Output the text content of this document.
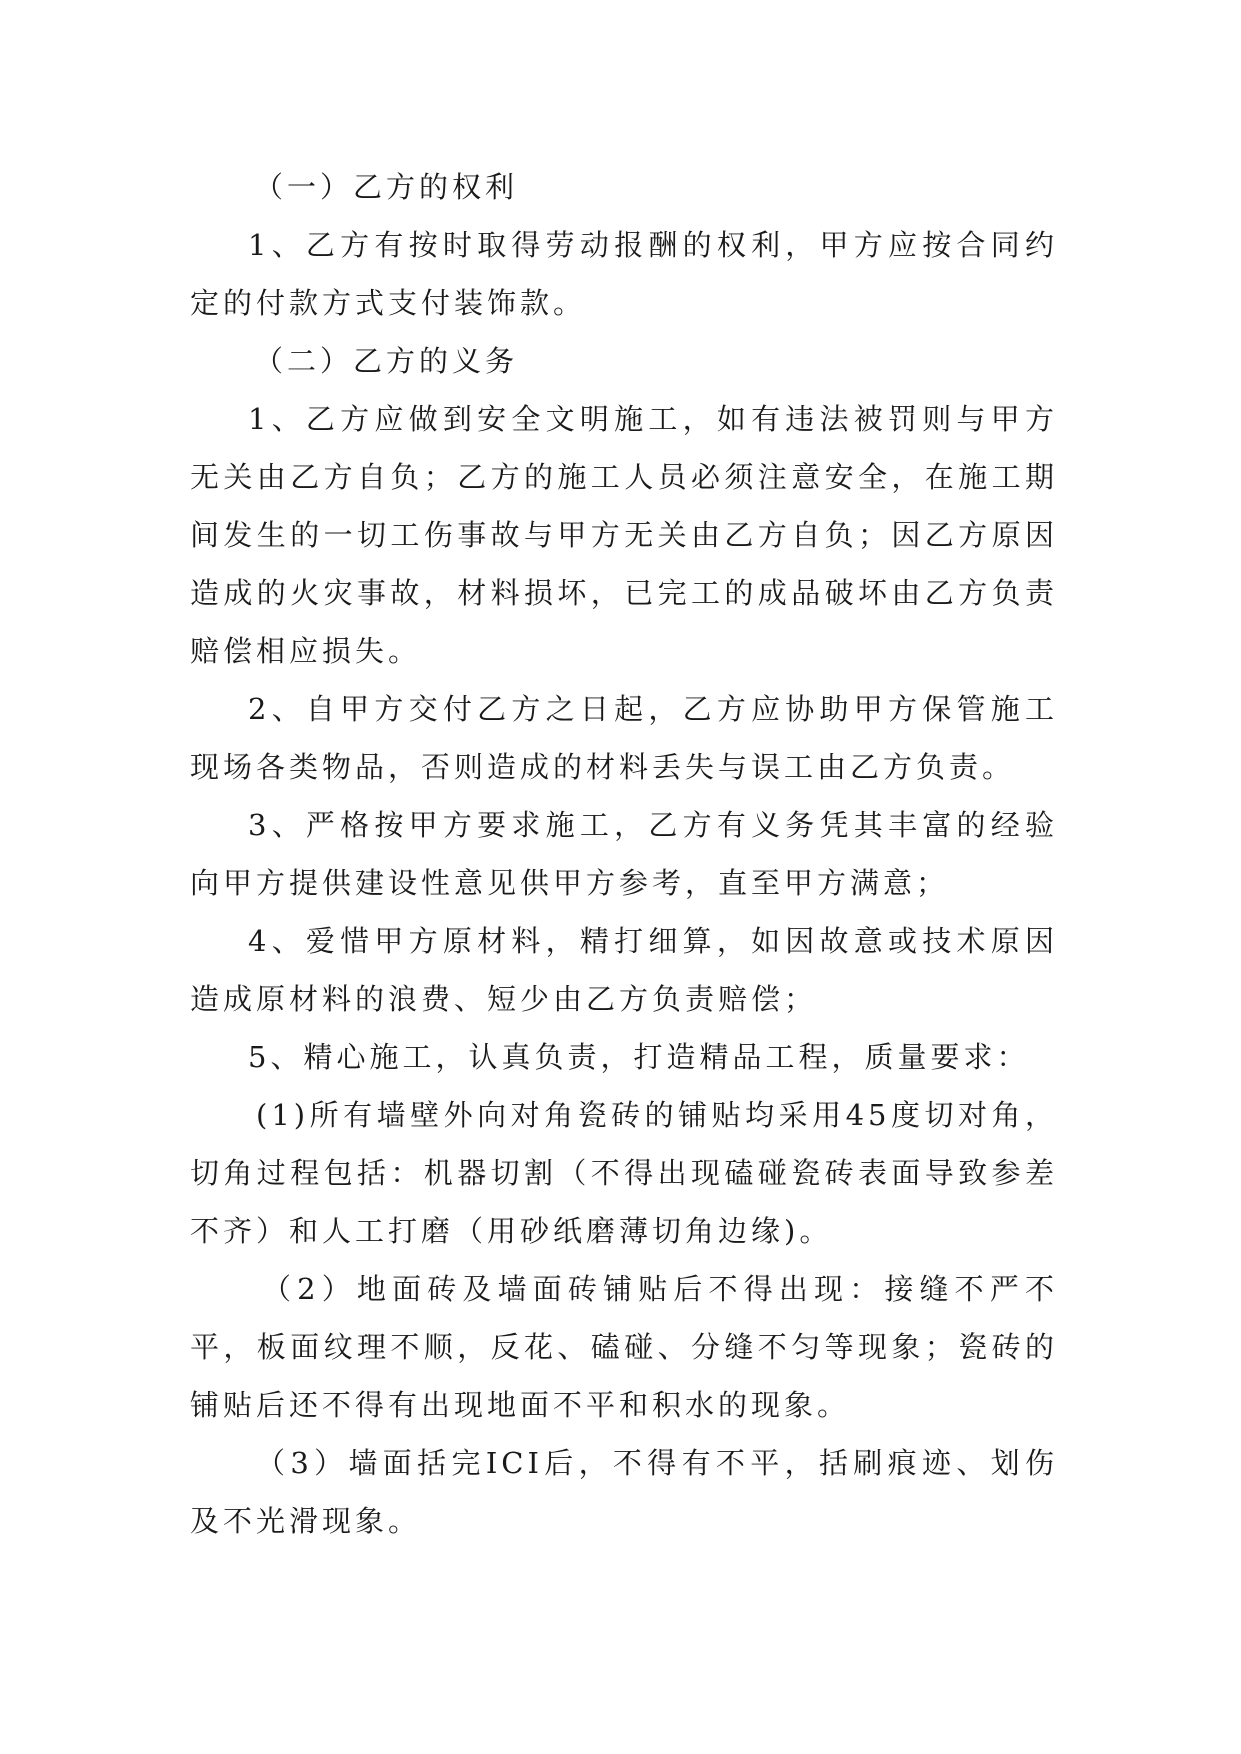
（一）乙方的权利

1、乙方有按时取得劳动报酬的权利，甲方应按合同约定的付款方式支付装饰款。

（二）乙方的义务

1、乙方应做到安全文明施工，如有违法被罚则与甲方无关由乙方自负；乙方的施工人员必须注意安全，在施工期间发生的一切工伤事故与甲方无关由乙方自负；因乙方原因造成的火灾事故，材料损坏，已完工的成品破坏由乙方负责赔偿相应损失。

2、自甲方交付乙方之日起，乙方应协助甲方保管施工现场各类物品，否则造成的材料丢失与误工由乙方负责。

3、严格按甲方要求施工，乙方有义务凭其丰富的经验向甲方提供建设性意见供甲方参考，直至甲方满意；

4、爱惜甲方原材料，精打细算，如因故意或技术原因造成原材料的浪费、短少由乙方负责赔偿；

5、精心施工，认真负责，打造精品工程，质量要求：

(1)所有墙壁外向对角瓷砖的铺贴均采用45度切对角，切角过程包括：机器切割（不得出现磕碰瓷砖表面导致参差不齐）和人工打磨（用砂纸磨薄切角边缘)。

（2）地面砖及墙面砖铺贴后不得出现：接缝不严不平，板面纹理不顺，反花、磕碰、分缝不匀等现象；瓷砖的铺贴后还不得有出现地面不平和积水的现象。

（3）墙面括完ICI后，不得有不平，括刷痕迹、划伤及不光滑现象。
